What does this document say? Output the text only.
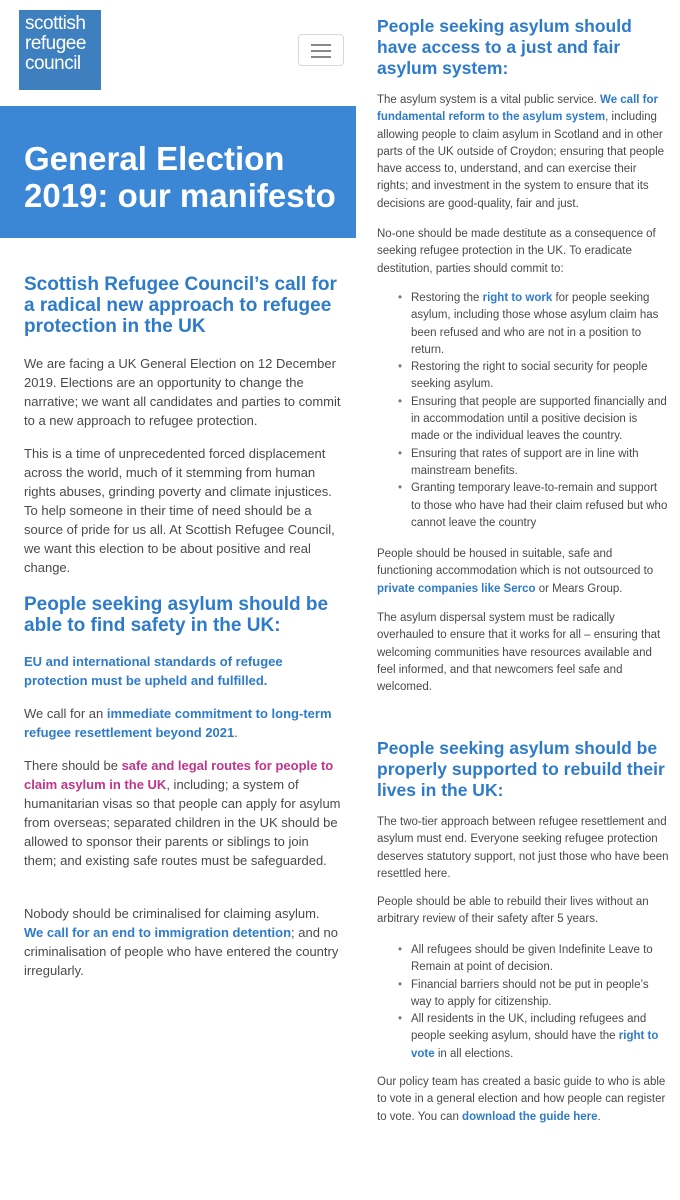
scottish
refugee
council
General Election 2019: our manifesto
Scottish Refugee Council’s call for a radical new approach to refugee protection in the UK

We are facing a UK General Election on 12 December 2019. Elections are an opportunity to change the narrative; we want all candidates and parties to commit to a new approach to refugee protection.

This is a time of unprecedented forced displacement across the world, much of it stemming from human rights abuses, grinding poverty and climate injustices. To help someone in their time of need should be a source of pride for us all. At Scottish Refugee Council, we want this election to be about positive and real change.

People seeking asylum should be able to find safety in the UK:

EU and international standards of refugee protection must be upheld and fulfilled.

We call for an immediate commitment to long-term refugee resettlement beyond 2021.

There should be safe and legal routes for people to claim asylum in the UK, including; a system of humanitarian visas so that people can apply for asylum from overseas; separated children in the UK should be allowed to sponsor their parents or siblings to join them; and existing safe routes must be safeguarded.

Nobody should be criminalised for claiming asylum. We call for an end to immigration detention; and no criminalisation of people who have entered the country irregularly.

People seeking asylum should have access to a just and fair asylum system:

The asylum system is a vital public service. We call for fundamental reform to the asylum system, including allowing people to claim asylum in Scotland and in other parts of the UK outside of Croydon; ensuring that people have access to, understand, and can exercise their rights; and investment in the system to ensure that its decisions are good-quality, fair and just.

No-one should be made destitute as a consequence of seeking refugee protection in the UK. To eradicate destitution, parties should commit to:

• Restoring the right to work for people seeking asylum, including those whose asylum claim has been refused and who are not in a position to return.
• Restoring the right to social security for people seeking asylum.
• Ensuring that people are supported financially and in accommodation until a positive decision is made or the individual leaves the country.
• Ensuring that rates of support are in line with mainstream benefits.
• Granting temporary leave-to-remain and support to those who have had their claim refused but who cannot leave the country

People should be housed in suitable, safe and functioning accommodation which is not outsourced to private companies like Serco or Mears Group.

The asylum dispersal system must be radically overhauled to ensure that it works for all – ensuring that welcoming communities have resources available and feel informed, and that newcomers feel safe and welcomed.

People seeking asylum should be properly supported to rebuild their lives in the UK:

The two-tier approach between refugee resettlement and asylum must end. Everyone seeking refugee protection deserves statutory support, not just those who have been resettled here.

People should be able to rebuild their lives without an arbitrary review of their safety after 5 years.

• All refugees should be given Indefinite Leave to Remain at point of decision.
• Financial barriers should not be put in people’s way to apply for citizenship.
• All residents in the UK, including refugees and people seeking asylum, should have the right to vote in all elections.

Our policy team has created a basic guide to who is able to vote in a general election and how people can register to vote. You can download the guide here.
